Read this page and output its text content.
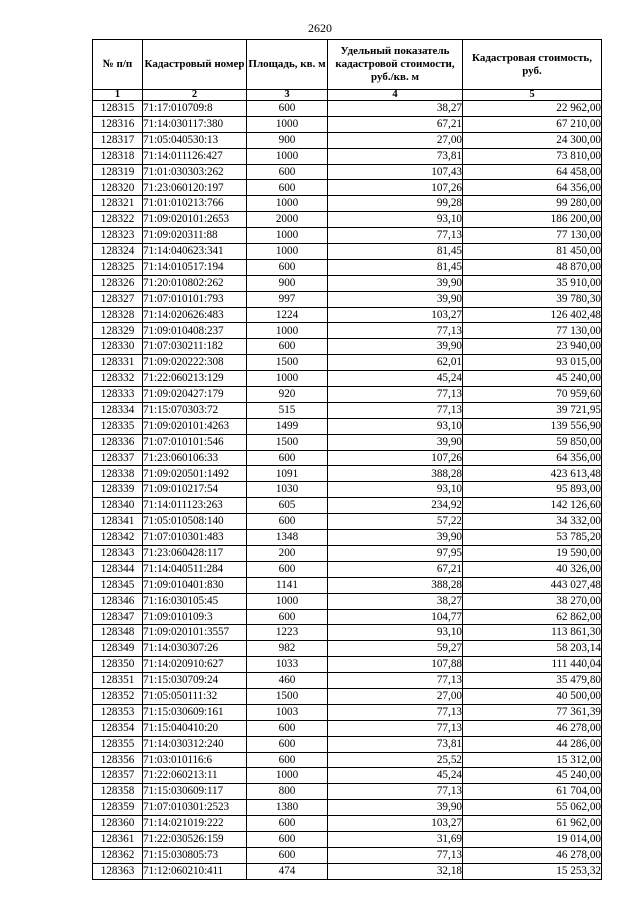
2620
№ п/п	Кадастровый номер	Площадь, кв. м	Удельный показатель кадастровой стоимости, руб./кв. м	Кадастровая стоимость, руб.
1	2	3	4	5
128315	71:17:010709:8	600	38,27	22 962,00
128316	71:14:030117:380	1000	67,21	67 210,00
128317	71:05:040530:13	900	27,00	24 300,00
128318	71:14:011126:427	1000	73,81	73 810,00
128319	71:01:030303:262	600	107,43	64 458,00
128320	71:23:060120:197	600	107,26	64 356,00
128321	71:01:010213:766	1000	99,28	99 280,00
128322	71:09:020101:2653	2000	93,10	186 200,00
128323	71:09:020311:88	1000	77,13	77 130,00
128324	71:14:040623:341	1000	81,45	81 450,00
128325	71:14:010517:194	600	81,45	48 870,00
128326	71:20:010802:262	900	39,90	35 910,00
128327	71:07:010101:793	997	39,90	39 780,30
128328	71:14:020626:483	1224	103,27	126 402,48
128329	71:09:010408:237	1000	77,13	77 130,00
128330	71:07:030211:182	600	39,90	23 940,00
128331	71:09:020222:308	1500	62,01	93 015,00
128332	71:22:060213:129	1000	45,24	45 240,00
128333	71:09:020427:179	920	77,13	70 959,60
128334	71:15:070303:72	515	77,13	39 721,95
128335	71:09:020101:4263	1499	93,10	139 556,90
128336	71:07:010101:546	1500	39,90	59 850,00
128337	71:23:060106:33	600	107,26	64 356,00
128338	71:09:020501:1492	1091	388,28	423 613,48
128339	71:09:010217:54	1030	93,10	95 893,00
128340	71:14:011123:263	605	234,92	142 126,60
128341	71:05:010508:140	600	57,22	34 332,00
128342	71:07:010301:483	1348	39,90	53 785,20
128343	71:23:060428:117	200	97,95	19 590,00
128344	71:14:040511:284	600	67,21	40 326,00
128345	71:09:010401:830	1141	388,28	443 027,48
128346	71:16:030105:45	1000	38,27	38 270,00
128347	71:09:010109:3	600	104,77	62 862,00
128348	71:09:020101:3557	1223	93,10	113 861,30
128349	71:14:030307:26	982	59,27	58 203,14
128350	71:14:020910:627	1033	107,88	111 440,04
128351	71:15:030709:24	460	77,13	35 479,80
128352	71:05:050111:32	1500	27,00	40 500,00
128353	71:15:030609:161	1003	77,13	77 361,39
128354	71:15:040410:20	600	77,13	46 278,00
128355	71:14:030312:240	600	73,81	44 286,00
128356	71:03:010116:6	600	25,52	15 312,00
128357	71:22:060213:11	1000	45,24	45 240,00
128358	71:15:030609:117	800	77,13	61 704,00
128359	71:07:010301:2523	1380	39,90	55 062,00
128360	71:14:021019:222	600	103,27	61 962,00
128361	71:22:030526:159	600	31,69	19 014,00
128362	71:15:030805:73	600	77,13	46 278,00
128363	71:12:060210:411	474	32,18	15 253,32
